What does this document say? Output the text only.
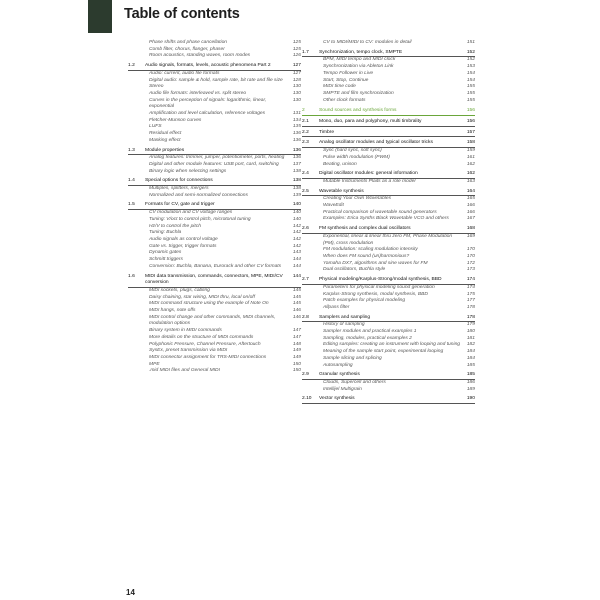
Table of contents
Phase shifts and phase cancellation	125
Comb filter, chorus, flanger, phaser	125
Room acoustics, standing waves, room modes	126
1.2	Audio signals, formats, levels, acoustic phenomena Part 2	127
Audio: current, audio file formats	127
Digital audio: sample & hold, sample rate, bit rate and file size	128
Stereo	130
Audio file formats: interleaved vs. split stereo	130
Curves in the perception of signals: logarithmic, linear, exponential
130
Amplification and level calculation, reference voltages	131
Fletcher-Munson curves	134
LUFS	135
Residual effect	136
Masking effect	136
1.3	Module properties	136
Analog features: trimmer, jumper, potentiometer, ports, heating	136
Digital and other module features: USB port, card, switching	137
Binary logic when selecting settings	138
1.4	Special options for connections	138
Multiples, splitters, mergers	138
Normalized and semi-normalized connections	139
1.5	Formats for CV, gate and trigger	140
CV modulation and CV voltage ranges	140
Tuning: V/oct to control pitch, microtonal tuning	140
Hz/V to control the pitch	142
Tuning: Buchla	142
Audio signals as control voltage	142
Gate vs. trigger, trigger formats	142
Dynamic gates	143
Schmitt triggers	144
Conversion: Buchla, Banana, Eurorack and other CV formats	144
1.6	MIDI data transmission, commands, connectors, MPE, MIDI/CV conversion
144
MIDI sockets, plugs, cabling	145
Daisy chaining, star wiring, MIDI thru, local on/off	145
MIDI command structure using the example of Note On	145
MIDI hangs, note offs	146
MIDI control change and other commands, MIDI channels, modulation options
146
Binary system in MIDI commands	147
More details on the structure of MIDI commands	147
Polyphonic Pressure, Channel Pressure, Aftertouch	148
SysEx, preset transmission via MIDI	149
MIDI connector assignment for TRS-MIDI connections	149
MPE	150
.mid MIDI files and General MIDI	150
CV to MIDI/MIDI to CV: modules in detail	151
1.7	Synchronization, tempo clock, SMPTE	152
BPM, MIDI tempo and MIDI clock	152
Synchronization via Ableton Link	153
Tempo Follower in Live	154
Start, Stop, Continue	154
MIDI time code	155
SMPTE and film synchronization	155
Other clock formats	155
2	Sound sources and synthesis forms	156
2.1	Mono, duo, para and polyphony, multi timbrality	156
2.2	Timbre	157
2.3	Analog oscillator modules and typical oscillator tricks	158
Sync (hard sync, soft sync)	159
Pulse width modulation (PWM)	161
Beating, unison	162
2.4	Digital oscillator modules: general information	162
Mutable Instruments Plaits as a role model	163
2.5	Wavetable synthesis	164
Creating Your Own Wavetables	165
WaveEdit	166
Practical comparison of wavetable sound generators	166
Examples: Erica Synths Black Wavetable VCO and others	167
2.6	FM synthesis and complex dual oscillators	168
Exponential, linear & linear thru zero FM, Phase Modulation (PM), cross modulation
169
FM modulation: scaling modulation intensity	170
When does FM sound (un)harmonious?	170
Yamaha DX7, algorithms and sine waves for FM	172
Dual oscillators, Buchla style	173
2.7	Physical modeling/Karplus-Strong/modal synthesis, BBD	174
Parameters for physical modeling sound generation	174
Karplus-Strong synthesis, modal synthesis, BBD	175
Patch examples for physical modeling	177
Allpass filter	178
2.8	Samplers and sampling	178
History of sampling	179
Sampler modules and practical examples 1	180
Sampling, modules, practical examples 2	181
Editing samples: creating an instrument with looping and tuning	182
Meaning of the sample start point, experimental looping	184
Sample slicing and splicing	184
Autosampling	185
2.9	Granular synthesis	185
Clouds, Supercell and others	186
Intellijel Multigrain	189
2.10	Vector synthesis	190
14
